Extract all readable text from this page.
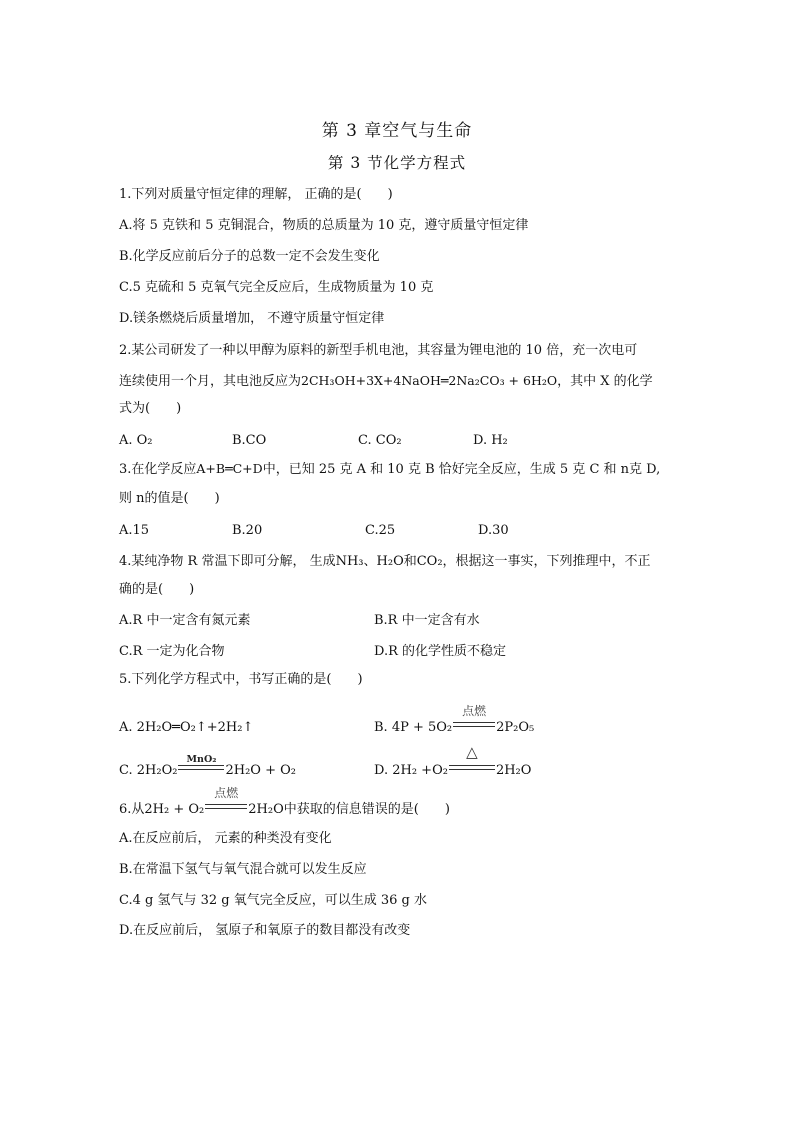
第 3 章空气与生命
第 3 节化学方程式
1.下列对质量守恒定律的理解， 正确的是(　　)
A.将 5 克铁和 5 克铜混合，物质的总质量为 10 克，遵守质量守恒定律
B.化学反应前后分子的总数一定不会发生变化
C.5 克硫和 5 克氧气完全反应后，生成物质量为 10 克
D.镁条燃烧后质量增加， 不遵守质量守恒定律
2.某公司研发了一种以甲醇为原料的新型手机电池，其容量为锂电池的 10 倍，充一次电可
连续使用一个月，其电池反应为2CH₃OH+3X+4NaOH═2Na₂CO₃ + 6H₂O，其中 X 的化学
式为(　　)
A. O₂	B.CO	C. CO₂	D. H₂
3.在化学反应A+B═C+D中，已知 25 克 A 和 10 克 B 恰好完全反应，生成 5 克 C 和 n克 D,
则 n的值是(　　)
A.15	B.20	C.25	D.30
4.某纯净物 R 常温下即可分解， 生成NH₃、H₂O和CO₂，根据这一事实，下列推理中，不正
确的是(　　)
A.R 中一定含有氮元素	B.R 中一定含有水
C.R 一定为化合物	D.R 的化学性质不稳定
5.下列化学方程式中，书写正确的是(　　)
A. 2H₂O═O₂↑+2H₂↑	B. 4P + 5O₂
点燃
2P₂O₅
C. 2H₂O₂
MnO₂
2H₂O + O₂	D. 2H₂ +O₂
△
2H₂O
6.从2H₂ + O₂
点燃
2H₂O中获取的信息错误的是(　　)
A.在反应前后， 元素的种类没有变化
B.在常温下氢气与氧气混合就可以发生反应
C.4 g 氢气与 32 g 氧气完全反应，可以生成 36 g 水
D.在反应前后， 氢原子和氧原子的数目都没有改变
